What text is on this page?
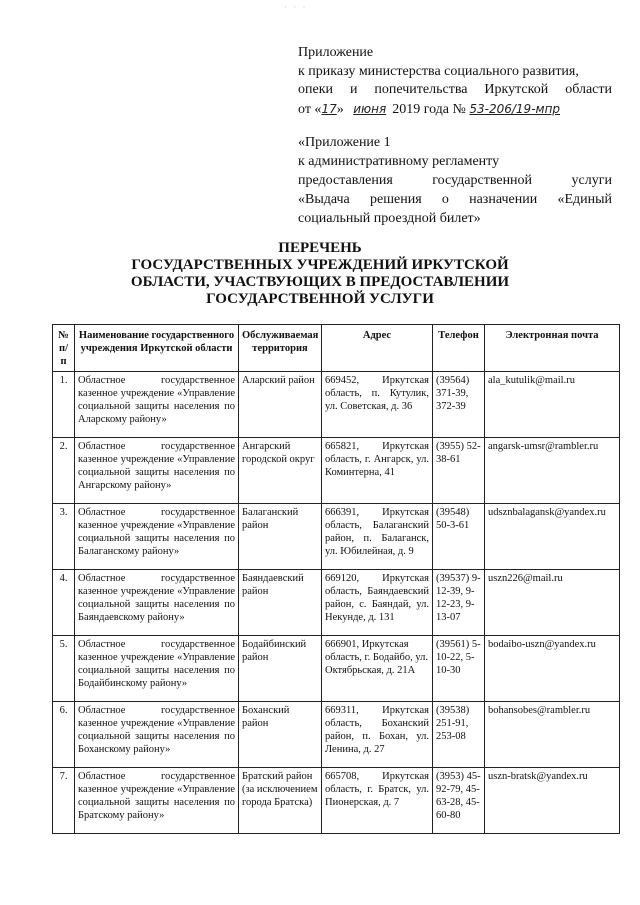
· · ·
Приложение
к приказу министерства социального развития,
опеки и попечительства Иркутской области
от «17» июня 2019 года № 53-206/19-мпр
«Приложение 1
к административному регламенту
предоставления государственной услуги
«Выдача решения о назначении «Единый
социальный проездной билет»
ПЕРЕЧЕНЬ
ГОСУДАРСТВЕННЫХ УЧРЕЖДЕНИЙ ИРКУТСКОЙ
ОБЛАСТИ, УЧАСТВУЮЩИХ В ПРЕДОСТАВЛЕНИИ
ГОСУДАРСТВЕННОЙ УСЛУГИ
№ п/п	Наименование государственного учреждения Иркутской области	Обслуживаемая территория	Адрес	Телефон	Электронная почта
1.	Областное государственное казенное учреждение «Управление социальной защиты населения по Аларскому району»	Аларский район	669452, Иркутская область, п. Кутулик, ул. Советская, д. 36	(39564) 371-39, 372-39	ala_kutulik@mail.ru
2.	Областное государственное казенное учреждение «Управление социальной защиты населения по Ангарскому району»	Ангарский городской округ	665821, Иркутская область, г. Ангарск, ул. Коминтерна, 41	(3955) 52-38-61	angarsk-umsr@rambler.ru
3.	Областное государственное казенное учреждение «Управление социальной защиты населения по Балаганскому району»	Балаганский район	666391, Иркутская область, Балаганский район, п. Балаганск, ул. Юбилейная, д. 9	(39548) 50-3-61	udsznbalagansk@yandex.ru
4.	Областное государственное казенное учреждение «Управление социальной защиты населения по Баяндаевскому району»	Баяндаевский район	669120, Иркутская область, Баяндаевский район, с. Баяндай, ул. Некунде, д. 131	(39537) 9-12-39, 9-12-23, 9-13-07	uszn226@mail.ru
5.	Областное государственное казенное учреждение «Управление социальной защиты населения по Бодайбинскому району»	Бодайбинский район	666901, Иркутская область, г. Бодайбо, ул. Октябрьская, д. 21А	(39561) 5-10-22, 5-10-30	bodaibo-uszn@yandex.ru
6.	Областное государственное казенное учреждение «Управление социальной защиты населения по Боханскому району»	Боханский район	669311, Иркутская область, Боханский район, п. Бохан, ул. Ленина, д. 27	(39538) 251-91, 253-08	bohansobes@rambler.ru
7.	Областное государственное казенное учреждение «Управление социальной защиты населения по Братскому району»	Братский район (за исключением города Братска)	665708, Иркутская область, г. Братск, ул. Пионерская, д. 7	(3953) 45-92-79, 45-63-28, 45-60-80	uszn-bratsk@yandex.ru
